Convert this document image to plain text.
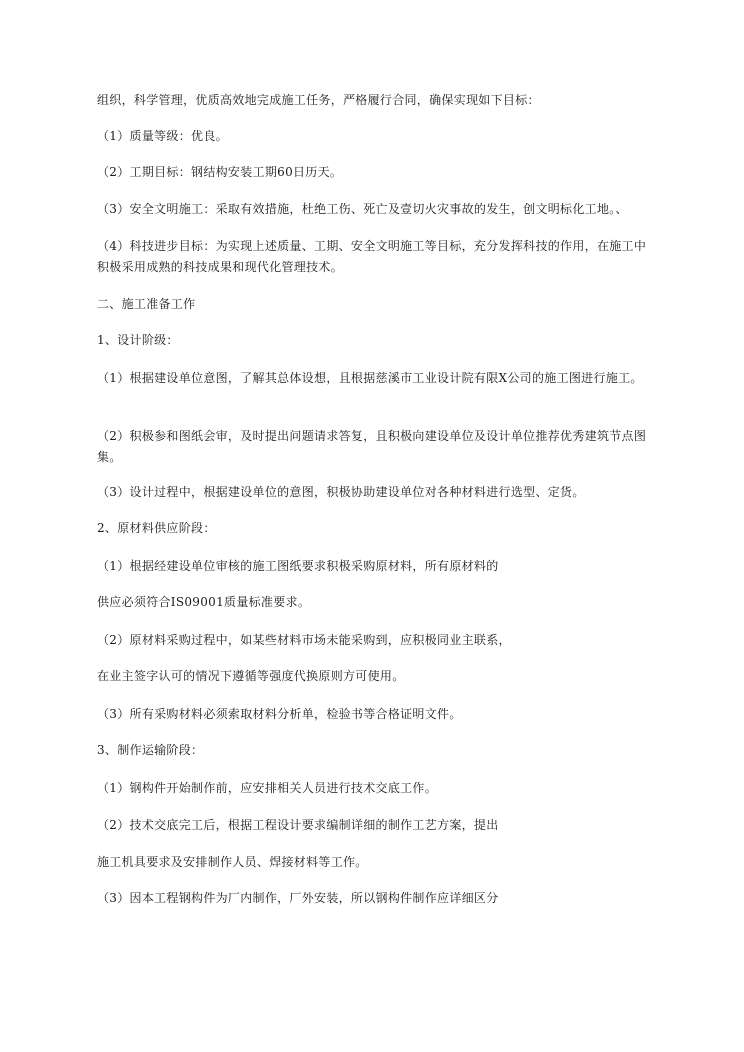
组织，科学管理，优质高效地完成施工任务，严格履行合同，确保实现如下目标：
（1）质量等级：优良。
（2）工期目标：钢结构安装工期60日历天。
（3）安全文明施工：采取有效措施，杜绝工伤、死亡及壹切火灾事故的发生，创文明标化工地。、
（4）科技进步目标：为实现上述质量、工期、安全文明施工等目标，充分发挥科技的作用，在施工中积极采用成熟的科技成果和现代化管理技术。
二、施工准备工作
1、设计阶级：
（1）根据建设单位意图，了解其总体设想，且根据慈溪市工业设计院有限X公司的施工图进行施工。
（2）积极参和图纸会审，及时提出问题请求答复，且积极向建设单位及设计单位推荐优秀建筑节点图集。
（3）设计过程中，根据建设单位的意图，积极协助建设单位对各种材料进行选型、定货。
2、原材料供应阶段：
（1）根据经建设单位审核的施工图纸要求积极采购原材料，所有原材料的
供应必须符合IS09001质量标准要求。
（2）原材料采购过程中，如某些材料市场未能采购到，应积极同业主联系，
在业主签字认可的情况下遵循等强度代换原则方可使用。
（3）所有采购材料必须索取材料分析单，检验书等合格证明文件。
3、制作运输阶段：
（1）钢构件开始制作前，应安排相关人员进行技术交底工作。
（2）技术交底完工后，根据工程设计要求编制详细的制作工艺方案，提出
施工机具要求及安排制作人员、焊接材料等工作。
（3）因本工程钢构件为厂内制作，厂外安装，所以钢构件制作应详细区分
